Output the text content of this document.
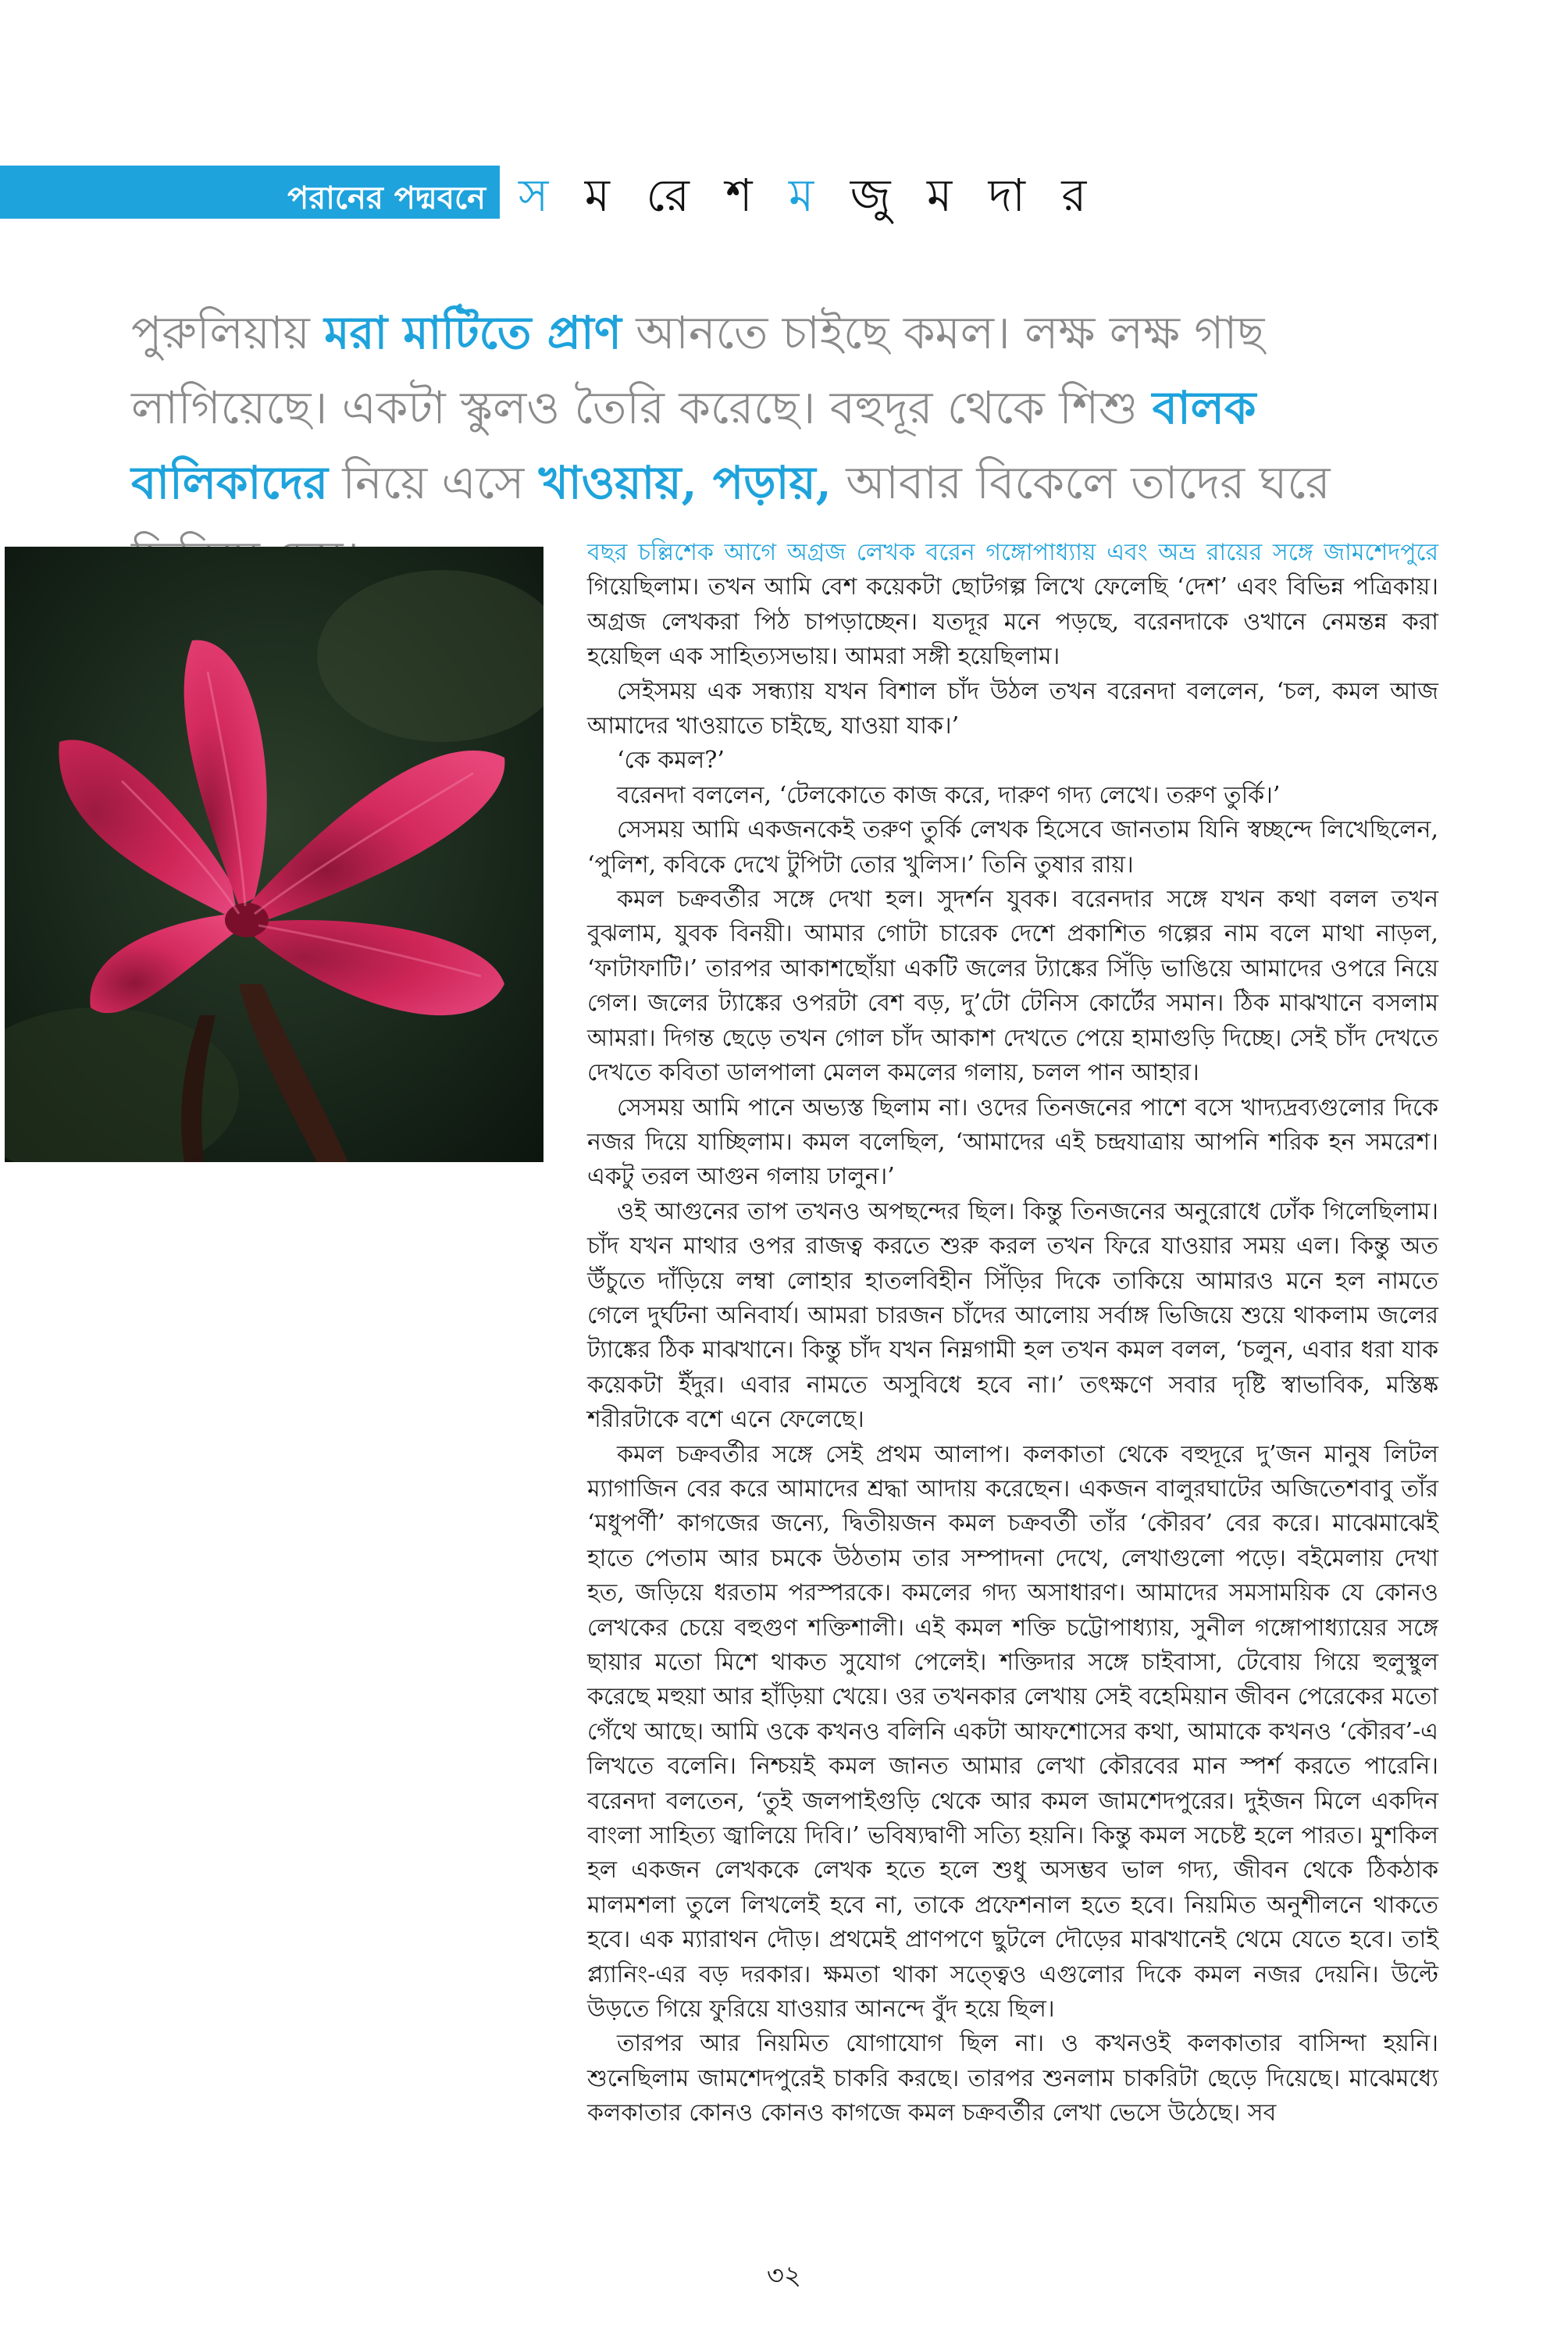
পরানের পদ্মবনে স ম রে শ ম জু ম দা র
পুরুলিয়ায় মরা মাটিতে প্রাণ আনতে চাইছে কমল। লক্ষ লক্ষ গাছ লাগিয়েছে। একটা স্কুলও তৈরি করেছে। বহুদূর থেকে শিশু বালক বালিকাদের নিয়ে এসে খাওয়ায়, পড়ায়, আবার বিকেলে তাদের ঘরে

বছর চল্লিশেক আগে অগ্রজ লেখক বরেন গঙ্গোপাধ্যায় এবং অভ্র রায়ের সঙ্গে জামশেদপুরে গিয়েছিলাম। তখন আমি বেশ কয়েকটা ছোটগল্প লিখে ফেলেছি ‘দেশ’ এবং বিভিন্ন পত্রিকায়। অগ্রজ লেখকরা পিঠ চাপড়াচ্ছেন। যতদূর মনে পড়ছে, বরেনদাকে ওখানে নেমন্তন্ন করা হয়েছিল এক সাহিত্যসভায়। আমরা সঙ্গী হয়েছিলাম।

সেইসময় এক সন্ধ্যায় যখন বিশাল চাঁদ উঠল তখন বরেনদা বললেন, ‘চল, কমল আজ আমাদের খাওয়াতে চাইছে, যাওয়া যাক।’

‘কে কমল?’

বরেনদা বললেন, ‘টেলকোতে কাজ করে, দারুণ গদ্য লেখে। তরুণ তুর্কি।’

সেসময় আমি একজনকেই তরুণ তুর্কি লেখক হিসেবে জানতাম যিনি স্বচ্ছন্দে লিখেছিলেন, ‘পুলিশ, কবিকে দেখে টুপিটা তোর খুলিস।’ তিনি তুষার রায়।

কমল চক্রবর্তীর সঙ্গে দেখা হল। সুদর্শন যুবক। বরেনদার সঙ্গে যখন কথা বলল তখন বুঝলাম, যুবক বিনয়ী। আমার গোটা চারেক দেশে প্রকাশিত গল্পের নাম বলে মাথা নাড়ল, ‘ফাটাফাটি।’ তারপর আকাশছোঁয়া একটি জলের ট্যাঙ্কের সিঁড়ি ভাঙিয়ে আমাদের ওপরে নিয়ে গেল। জলের ট্যাঙ্কের ওপরটা বেশ বড়, দু’টো টেনিস কোর্টের সমান। ঠিক মাঝখানে বসলাম আমরা। দিগন্ত ছেড়ে তখন গোল চাঁদ আকাশ দেখতে পেয়ে হামাগুড়ি দিচ্ছে। সেই চাঁদ দেখতে দেখতে কবিতা ডালপালা মেলল কমলের গলায়, চলল পান আহার।

সেসময় আমি পানে অভ্যস্ত ছিলাম না। ওদের তিনজনের পাশে বসে খাদ্যদ্রব্যগুলোর দিকে নজর দিয়ে যাচ্ছিলাম। কমল বলেছিল, ‘আমাদের এই চন্দ্রযাত্রায় আপনি শরিক হন সমরেশ। একটু তরল আগুন গলায় ঢালুন।’

ওই আগুনের তাপ তখনও অপছন্দের ছিল। কিন্তু তিনজনের অনুরোধে ঢোঁক গিলেছিলাম। চাঁদ যখন মাথার ওপর রাজত্ব করতে শুরু করল তখন ফিরে যাওয়ার সময় এল। কিন্তু অত উঁচুতে দাঁড়িয়ে লম্বা লোহার হাতলবিহীন সিঁড়ির দিকে তাকিয়ে আমারও মনে হল নামতে গেলে দুর্ঘটনা অনিবার্য। আমরা চারজন চাঁদের আলোয় সর্বাঙ্গ ভিজিয়ে শুয়ে থাকলাম জলের ট্যাঙ্কের ঠিক মাঝখানে। কিন্তু চাঁদ যখন নিম্নগামী হল তখন কমল বলল, ‘চলুন, এবার ধরা যাক কয়েকটা ইঁদুর। এবার নামতে অসুবিধে হবে না।’ তৎক্ষণে সবার দৃষ্টি স্বাভাবিক, মস্তিষ্ক শরীরটাকে বশে এনে ফেলেছে।

কমল চক্রবর্তীর সঙ্গে সেই প্রথম আলাপ। কলকাতা থেকে বহুদূরে দু’জন মানুষ লিটল ম্যাগাজিন বের করে আমাদের শ্রদ্ধা আদায় করেছেন। একজন বালুরঘাটের অজিতেশবাবু তাঁর ‘মধুপর্ণী’ কাগজের জন্যে, দ্বিতীয়জন কমল চক্রবর্তী তাঁর ‘কৌরব’ বের করে। মাঝেমাঝেই হাতে পেতাম আর চমকে উঠতাম তার সম্পাদনা দেখে, লেখাগুলো পড়ে। বইমেলায় দেখা হত, জড়িয়ে ধরতাম পরস্পরকে। কমলের গদ্য অসাধারণ। আমাদের সমসাময়িক যে কোনও লেখকের চেয়ে বহুগুণ শক্তিশালী। এই কমল শক্তি চট্টোপাধ্যায়, সুনীল গঙ্গোপাধ্যায়ের সঙ্গে ছায়ার মতো মিশে থাকত সুযোগ পেলেই। শক্তিদার সঙ্গে চাইবাসা, টেবোয় গিয়ে হুলুস্থুল করেছে মহুয়া আর হাঁড়িয়া খেয়ে। ওর তখনকার লেখায় সেই বহেমিয়ান জীবন পেরেকের মতো গেঁথে আছে। আমি ওকে কখনও বলিনি একটা আফশোসের কথা, আমাকে কখনও ‘কৌরব’-এ লিখতে বলেনি। নিশ্চয়ই কমল জানত আমার লেখা কৌরবের মান স্পর্শ করতে পারেনি। বরেনদা বলতেন, ‘তুই জলপাইগুড়ি থেকে আর কমল জামশেদপুরের। দুইজন মিলে একদিন বাংলা সাহিত্য জ্বালিয়ে দিবি।’ ভবিষ্যদ্বাণী সত্যি হয়নি। কিন্তু কমল সচেষ্ট হলে পারত। মুশকিল হল একজন লেখককে লেখক হতে হলে শুধু অসম্ভব ভাল গদ্য, জীবন থেকে ঠিকঠাক মালমশলা তুলে লিখলেই হবে না, তাকে প্রফেশনাল হতে হবে। নিয়মিত অনুশীলনে থাকতে হবে। এক ম্যারাথন দৌড়। প্রথমেই প্রাণপণে ছুটলে দৌড়ের মাঝখানেই থেমে যেতে হবে। তাই প্ল্যানিং-এর বড় দরকার। ক্ষমতা থাকা সত্ত্বেও এগুলোর দিকে কমল নজর দেয়নি। উল্টে উড়তে গিয়ে ফুরিয়ে যাওয়ার আনন্দে বুঁদ হয়ে ছিল।

তারপর আর নিয়মিত যোগাযোগ ছিল না। ও কখনওই কলকাতার বাসিন্দা হয়নি। শুনেছিলাম জামশেদপুরেই চাকরি করছে। তারপর শুনলাম চাকরিটা ছেড়ে দিয়েছে। মাঝেমধ্যে কলকাতার কোনও কোনও কাগজে কমল চক্রবর্তীর লেখা ভেসে উঠেছে। সব

৩২
